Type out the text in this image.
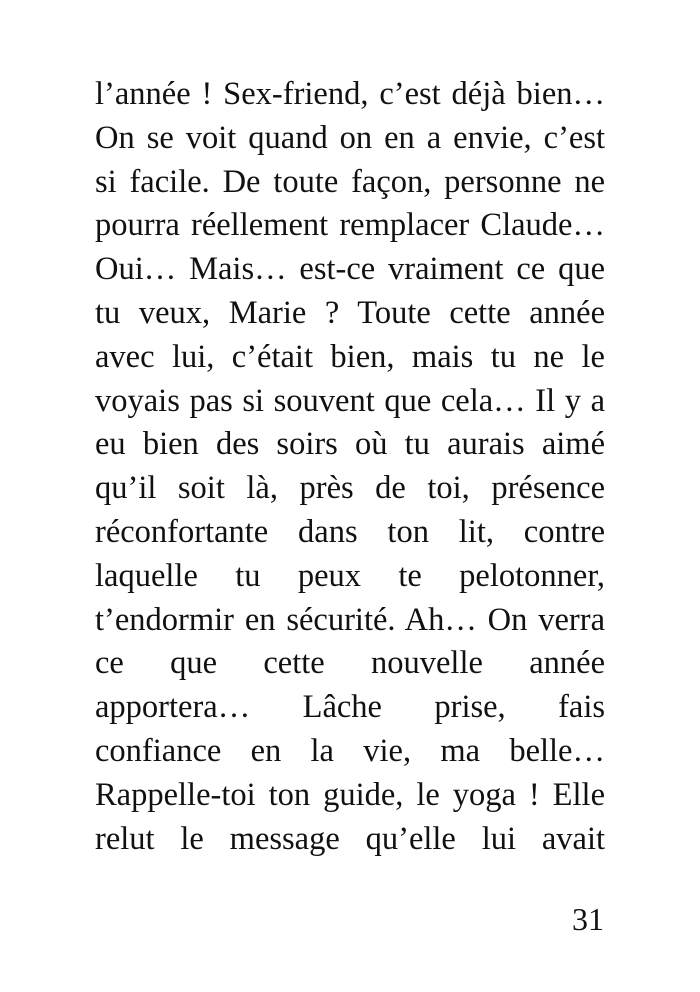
l’année ! Sex-friend, c’est déjà bien…
On se voit quand on en a envie, c’est
si facile. De toute façon, personne ne
pourra réellement remplacer Claude…
Oui… Mais… est-ce vraiment ce que
tu veux, Marie ? Toute cette année
avec lui, c’était bien, mais tu ne le
voyais pas si souvent que cela… Il y a
eu bien des soirs où tu aurais aimé
qu’il soit là, près de toi, présence
réconfortante dans ton lit, contre
laquelle tu peux te pelotonner,
t’endormir en sécurité. Ah… On verra
ce que cette nouvelle année
apportera… Lâche prise, fais
confiance en la vie, ma belle…
Rappelle-toi ton guide, le yoga ! Elle
relut le message qu’elle lui avait
31
